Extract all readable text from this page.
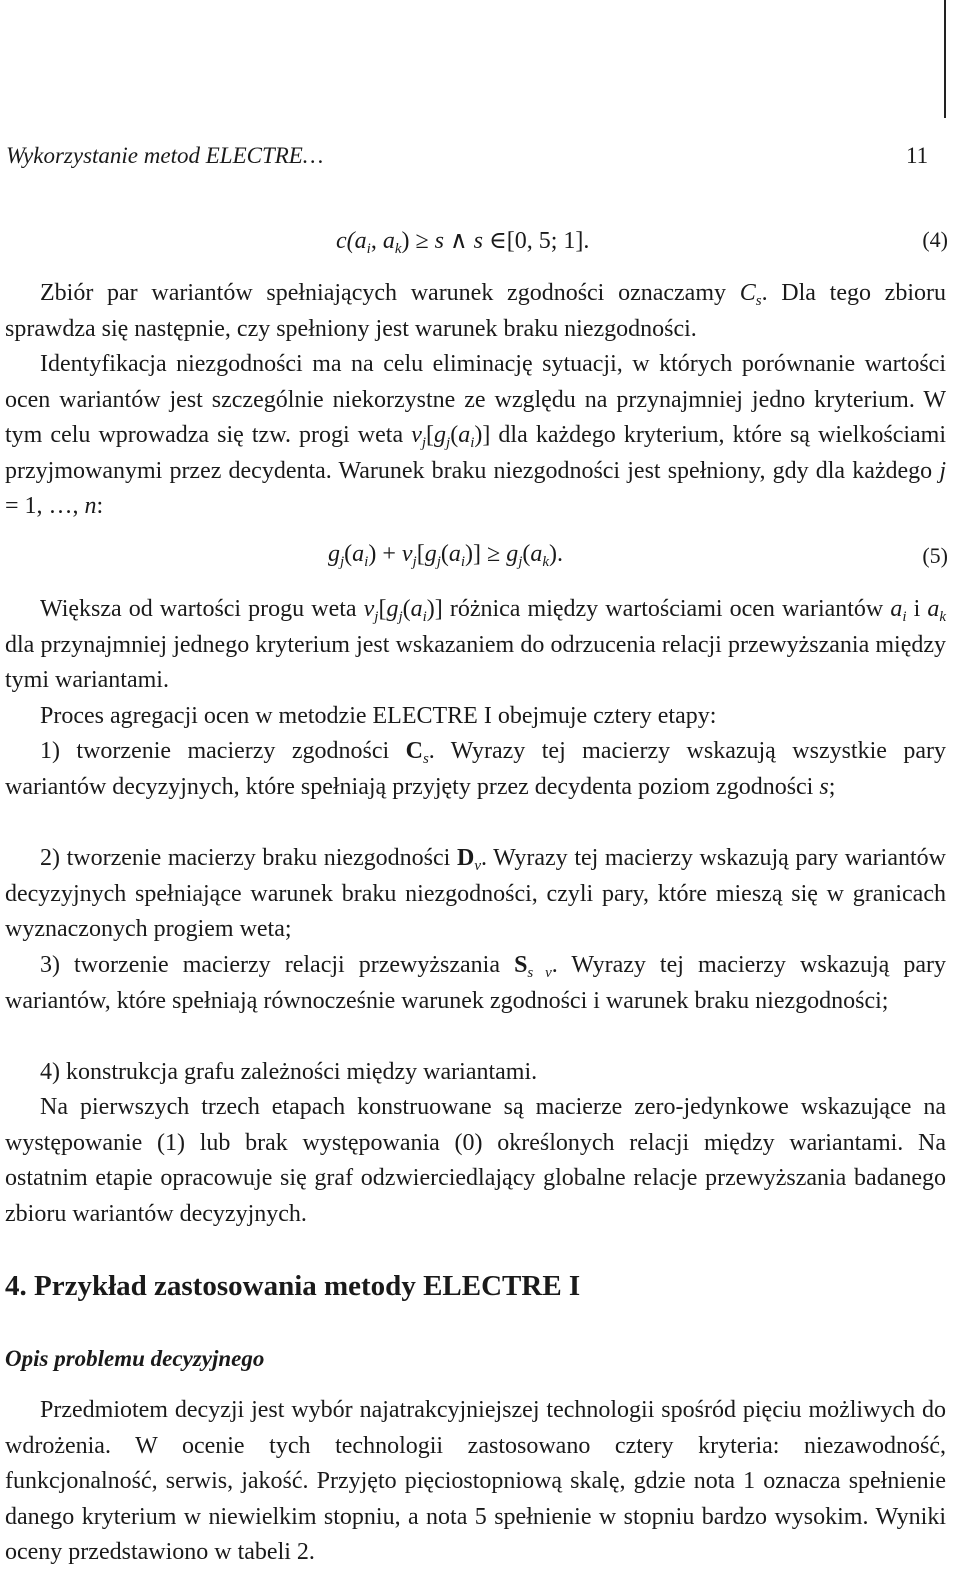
Wykorzystanie metod ELECTRE…	11
$c(a_i$, $a_k) \ge s$ ∧ s ∈[0, 5; 1].	(4)
Zbiór par wariantów spełniających warunek zgodności oznaczamy $C_s$. Dla tego zbioru sprawdza się następnie, czy spełniony jest warunek braku niezgodności.
Identyfikacja niezgodności ma na celu eliminację sytuacji, w których porównanie wartości ocen wariantów jest szczególnie niekorzystne ze względu na przynajmniej jedno kryterium. W tym celu wprowadza się tzw. progi weta $v_j[g_j(a_i)]$ dla każdego kryterium, które są wielkościami przyjmowanymi przez decydenta. Warunek braku niezgodności jest spełniony, gdy dla każdego j = 1, …, n:
$g_j(a_i) + v_j[g_j(a_i)] \ge g_j(a_k)$.	(5)
Większa od wartości progu weta $v_j[g_j(a_i)]$ różnica między wartościami ocen wariantów $a_i$ i $a_k$ dla przynajmniej jednego kryterium jest wskazaniem do odrzucenia relacji przewyższania między tymi wariantami.
Proces agregacji ocen w metodzie ELECTRE I obejmuje cztery etapy:
1) tworzenie macierzy zgodności $C_s$. Wyrazy tej macierzy wskazują wszystkie pary wariantów decyzyjnych, które spełniają przyjęty przez decydenta poziom zgodności s;
2) tworzenie macierzy braku niezgodności $D_v$. Wyrazy tej macierzy wskazują pary wariantów decyzyjnych spełniające warunek braku niezgodności, czyli pary, które mieszą się w granicach wyznaczonych progiem weta;
3) tworzenie macierzy relacji przewyższania $S_{s v}$. Wyrazy tej macierzy wskazują pary wariantów, które spełniają równocześnie warunek zgodności i warunek braku niezgodności;
4) konstrukcja grafu zależności między wariantami.
Na pierwszych trzech etapach konstruowane są macierze zero-jedynkowe wskazujące na występowanie (1) lub brak występowania (0) określonych relacji między wariantami. Na ostatnim etapie opracowuje się graf odzwierciedlający globalne relacje przewyższania badanego zbioru wariantów decyzyjnych.
4. Przykład zastosowania metody ELECTRE I
Opis problemu decyzyjnego
Przedmiotem decyzji jest wybór najatrakcyjniejszej technologii spośród pięciu możliwych do wdrożenia. W ocenie tych technologii zastosowano cztery kryteria: niezawodność, funkcjonalność, serwis, jakość. Przyjęto pięciostopniową skalę, gdzie nota 1 oznacza spełnienie danego kryterium w niewielkim stopniu, a nota 5 spełnienie w stopniu bardzo wysokim. Wyniki oceny przedstawiono w tabeli 2.
